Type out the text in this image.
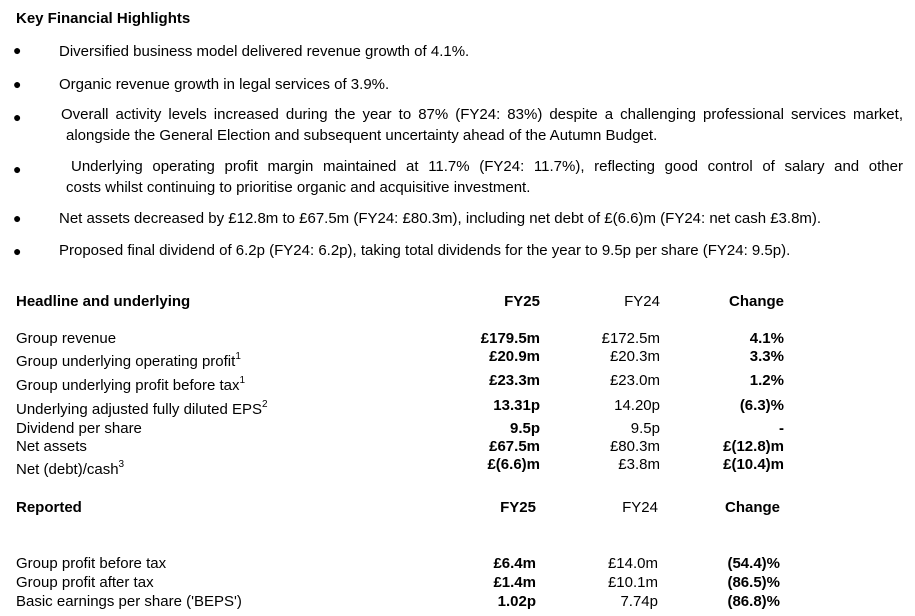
Key Financial Highlights
●	Diversified business model delivered revenue growth of 4.1%.
●	Organic revenue growth in legal services of 3.9%.
●	Overall activity levels increased during the year to 87% (FY24: 83%) despite a challenging professional services market,
alongside the General Election and subsequent uncertainty ahead of the Autumn Budget.
●	Underlying operating profit margin maintained at 11.7% (FY24: 11.7%), reflecting good control of salary and other
costs whilst continuing to prioritise organic and acquisitive investment.
●	Net assets decreased by £12.8m to £67.5m (FY24: £80.3m), including net debt of £(6.6)m (FY24: net cash £3.8m).
●	Proposed final dividend of 6.2p (FY24: 6.2p), taking total dividends for the year to 9.5p per share (FY24: 9.5p).
Headline and underlying	FY25	FY24	Change
Group revenue	£179.5m	£172.5m	4.1%
Group underlying operating profit$^1$	£20.9m	£20.3m	3.3%
Group underlying profit before tax$^1$	£23.3m	£23.0m	1.2%
Underlying adjusted fully diluted EPS$^2$	13.31p	14.20p	(6.3)%
Dividend per share	9.5p	9.5p	-
Net assets	£67.5m	£80.3m	£(12.8)m
Net (debt)/cash$^3$	£(6.6)m	£3.8m	£(10.4)m
Reported	FY25	FY24	Change
Group profit before tax	£6.4m	£14.0m	(54.4)%
Group profit after tax	£1.4m	£10.1m	(86.5)%
Basic earnings per share ('BEPS')	1.02p	7.74p	(86.8)%
